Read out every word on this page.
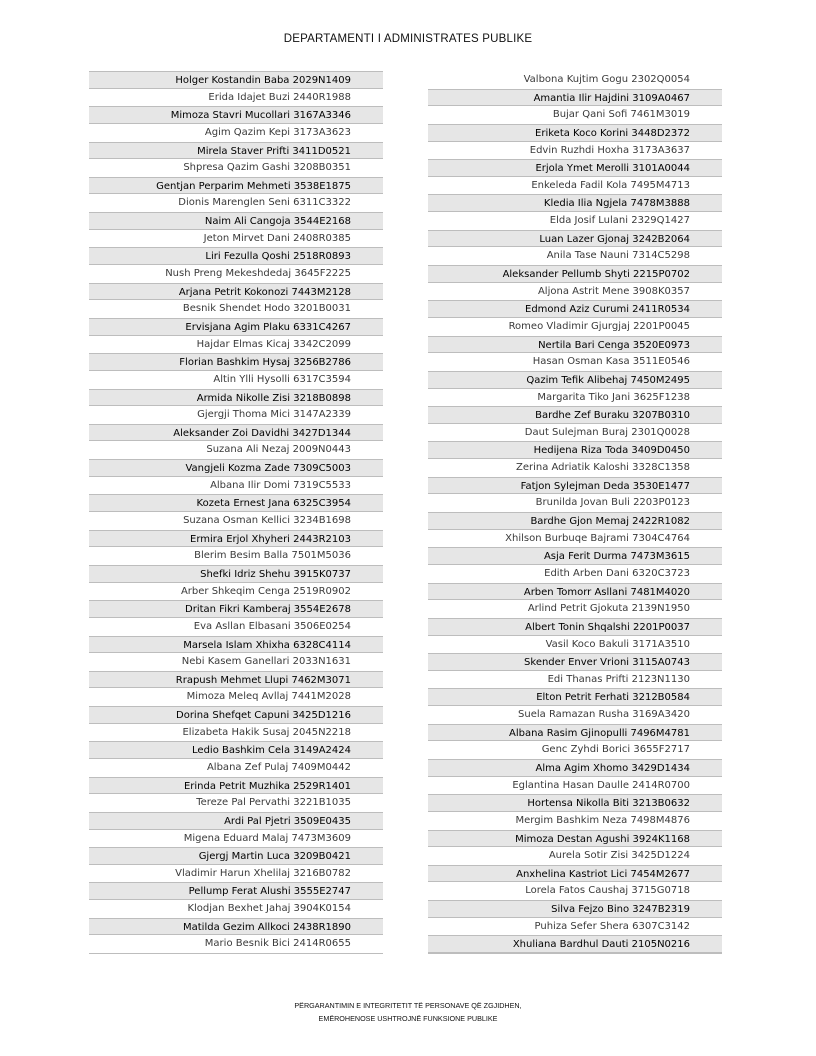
DEPARTAMENTI I ADMINISTRATES PUBLIKE
Holger Kostandin Baba 2029N1409
Erida Idajet Buzi 2440R1988
Mimoza Stavri Mucollari 3167A3346
Agim Qazim Kepi 3173A3623
Mirela Staver Prifti 3411D0521
Shpresa Qazim Gashi 3208B0351
Gentjan Perparim Mehmeti 3538E1875
Dionis Marenglen Seni 6311C3322
Naim Ali Cangoja 3544E2168
Jeton Mirvet Dani 2408R0385
Liri Fezulla Qoshi 2518R0893
Nush Preng Mekeshdedaj 3645F2225
Arjana Petrit Kokonozi 7443M2128
Besnik Shendet Hodo 3201B0031
Ervisjana Agim Plaku 6331C4267
Hajdar Elmas Kicaj 3342C2099
Florian Bashkim Hysaj 3256B2786
Altin Ylli Hysolli 6317C3594
Armida Nikolle Zisi 3218B0898
Gjergji Thoma Mici 3147A2339
Aleksander Zoi Davidhi 3427D1344
Suzana Ali Nezaj 2009N0443
Vangjeli Kozma Zade 7309C5003
Albana Ilir Domi 7319C5533
Kozeta Ernest Jana 6325C3954
Suzana Osman Kellici 3234B1698
Ermira Erjol Xhyheri 2443R2103
Blerim Besim Balla 7501M5036
Shefki Idriz Shehu 3915K0737
Arber Shkeqim Cenga 2519R0902
Dritan Fikri Kamberaj 3554E2678
Eva Asllan Elbasani 3506E0254
Marsela Islam Xhixha 6328C4114
Nebi Kasem Ganellari 2033N1631
Rrapush Mehmet Llupi 7462M3071
Mimoza Meleq Avllaj 7441M2028
Dorina Shefqet Capuni 3425D1216
Elizabeta Hakik Susaj 2045N2218
Ledio Bashkim Cela 3149A2424
Albana Zef Pulaj 7409M0442
Erinda Petrit Muzhika 2529R1401
Tereze Pal Pervathi 3221B1035
Ardi Pal Pjetri 3509E0435
Migena Eduard Malaj 7473M3609
Gjergj Martin Luca 3209B0421
Vladimir Harun Xhelilaj 3216B0782
Pellump Ferat Alushi 3555E2747
Klodjan Bexhet Jahaj 3904K0154
Matilda Gezim Allkoci 2438R1890
Mario Besnik Bici 2414R0655
Valbona Kujtim Gogu 2302Q0054
Amantia Ilir Hajdini 3109A0467
Bujar Qani Sofi 7461M3019
Eriketa Koco Korini 3448D2372
Edvin Ruzhdi Hoxha 3173A3637
Erjola Ymet Merolli 3101A0044
Enkeleda Fadil Kola 7495M4713
Kledia Ilia Ngjela 7478M3888
Elda Josif Lulani 2329Q1427
Luan Lazer Gjonaj 3242B2064
Anila Tase Nauni 7314C5298
Aleksander Pellumb Shyti 2215P0702
Aljona Astrit Mene 3908K0357
Edmond Aziz Curumi 2411R0534
Romeo Vladimir Gjurgjaj 2201P0045
Nertila Bari Cenga 3520E0973
Hasan Osman Kasa 3511E0546
Qazim Tefik Alibehaj 7450M2495
Margarita Tiko Jani 3625F1238
Bardhe Zef Buraku 3207B0310
Daut Sulejman Buraj 2301Q0028
Hedijena Riza Toda 3409D0450
Zerina Adriatik Kaloshi 3328C1358
Fatjon Sylejman Deda 3530E1477
Brunilda Jovan Buli 2203P0123
Bardhe Gjon Memaj 2422R1082
Xhilson Burbuqe Bajrami 7304C4764
Asja Ferit Durma 7473M3615
Edith Arben Dani 6320C3723
Arben Tomorr Asllani 7481M4020
Arlind Petrit Gjokuta 2139N1950
Albert Tonin Shqalshi 2201P0037
Vasil Koco Bakuli 3171A3510
Skender Enver Vrioni 3115A0743
Edi Thanas Prifti 2123N1130
Elton Petrit Ferhati 3212B0584
Suela Ramazan Rusha 3169A3420
Albana Rasim Gjinopulli 7496M4781
Genc Zyhdi Borici 3655F2717
Alma Agim Xhomo 3429D1434
Eglantina Hasan Daulle 2414R0700
Hortensa Nikolla Biti 3213B0632
Mergim Bashkim Neza 7498M4876
Mimoza Destan Agushi 3924K1168
Aurela Sotir Zisi 3425D1224
Anxhelina Kastriot Lici 7454M2677
Lorela Fatos Caushaj 3715G0718
Silva Fejzo Bino 3247B2319
Puhiza Sefer Shera 6307C3142
Xhuliana Bardhul Dauti 2105N0216
PËRGARANTIMIN E INTEGRITETIT TË PERSONAVE QË ZGJIDHEN,
EMËROHENOSE USHTROJNË FUNKSIONE PUBLIKE
